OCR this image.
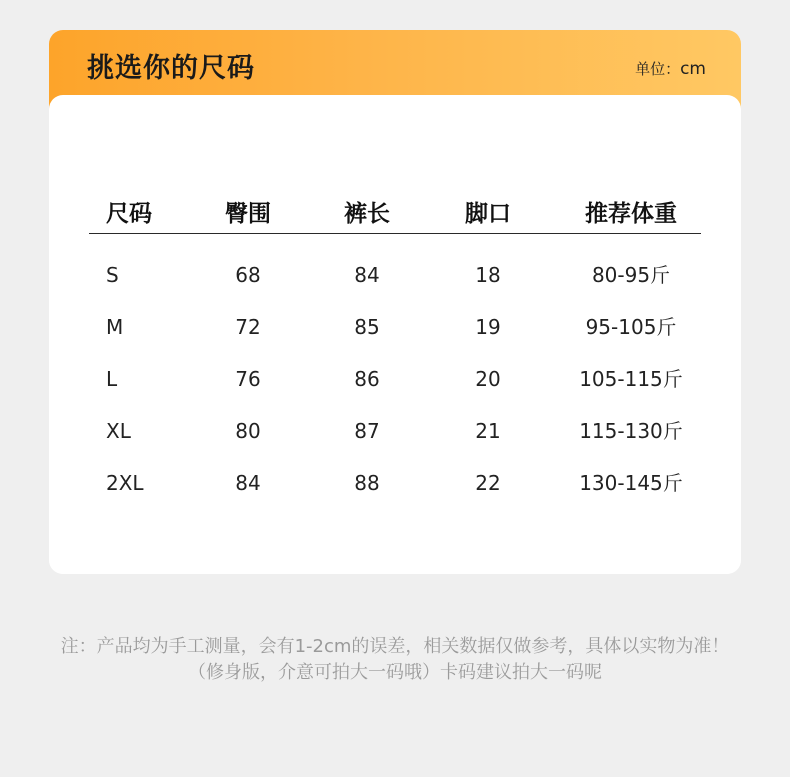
挑选你的尺码	单位：cm
尺码	臀围	裤长	脚口	推荐体重
S	68	84	18	80-95斤
M	72	85	19	95-105斤
L	76	86	20	105-115斤
XL	80	87	21	115-130斤
2XL	84	88	22	130-145斤
注：产品均为手工测量，会有1-2cm的误差，相关数据仅做参考，具体以实物为准！
（修身版，介意可拍大一码哦）卡码建议拍大一码呢
